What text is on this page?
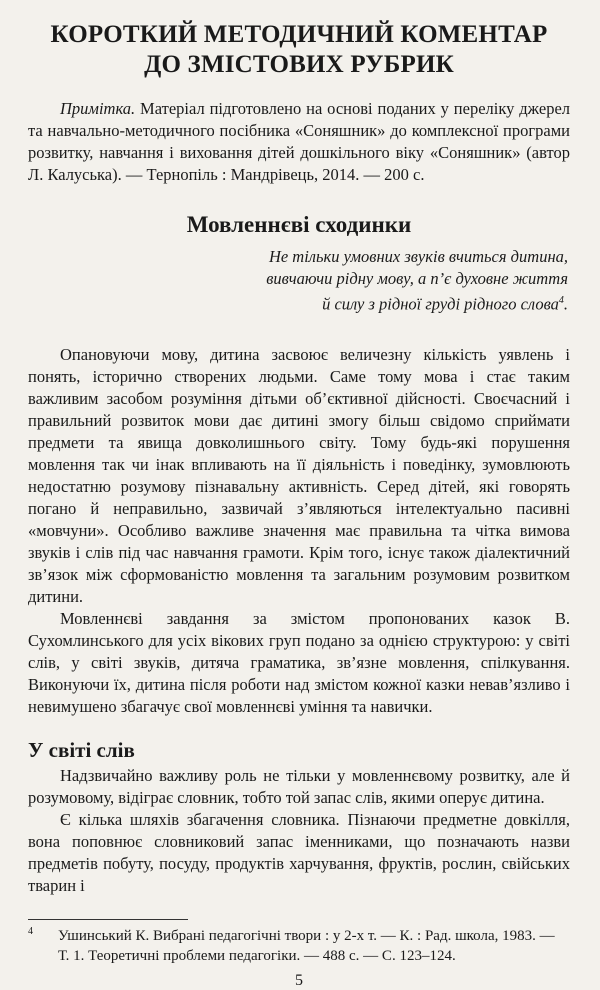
КОРОТКИЙ МЕТОДИЧНИЙ КОМЕНТАР
ДО ЗМІСТОВИХ РУБРИК

Примітка. Матеріал підготовлено на основі поданих у переліку джерел та навчально-методичного посібника «Соняшник» до комплексної програми розвитку, навчання і виховання дітей дошкільного віку «Соняшник» (автор Л. Калуська). — Тернопіль : Мандрівець, 2014. — 200 с.

Мовленнєві сходинки
Не тільки умовних звуків вчиться дитина,
вивчаючи рідну мову, а п’є духовне життя
й силу з рідної груді рідного слова$^4$.

Опановуючи мову, дитина засвоює величезну кількість уявлень і понять, історично створених людьми. Саме тому мова і стає таким важливим засобом розуміння дітьми об’єктивної дійсності. Своєчасний і правильний розвиток мови дає дитині змогу більш свідомо сприймати предмети та явища довколишнього світу. Тому будь-які порушення мовлення так чи інак впливають на її діяльність і поведінку, зумовлюють недостатню розумову пізнавальну активність. Серед дітей, які говорять погано й неправильно, зазвичай з’являються інтелектуально пасивні «мовчуни». Особливо важливе значення має правильна та чітка вимова звуків і слів під час навчання грамоти. Крім того, існує також діалектичний зв’язок між сформованістю мовлення та загальним розумовим розвитком дитини.

Мовленнєві завдання за змістом пропонованих казок В. Сухомлинського для усіх вікових груп подано за однією структурою: у світі слів, у світі звуків, дитяча граматика, зв’язне мовлення, спілкування. Виконуючи їх, дитина після роботи над змістом кожної казки невав’язливо і невимушено збагачує свої мовленнєві уміння та навички.

У світі слів

Надзвичайно важливу роль не тільки у мовленнєвому розвитку, але й розумовому, відіграє словник, тобто той запас слів, якими оперує дитина.

Є кілька шляхів збагачення словника. Пізнаючи предметне довкілля, вона поповнює словниковий запас іменниками, що позначають назви предметів побуту, посуду, продуктів харчування, фруктів, рослин, свійських тварин і

4 Ушинський К. Вибрані педагогічні твори : у 2-х т. — К. : Рад. школа, 1983. —
Т. 1. Теоретичні проблеми педагогіки. — 488 с. — С. 123–124.

5
